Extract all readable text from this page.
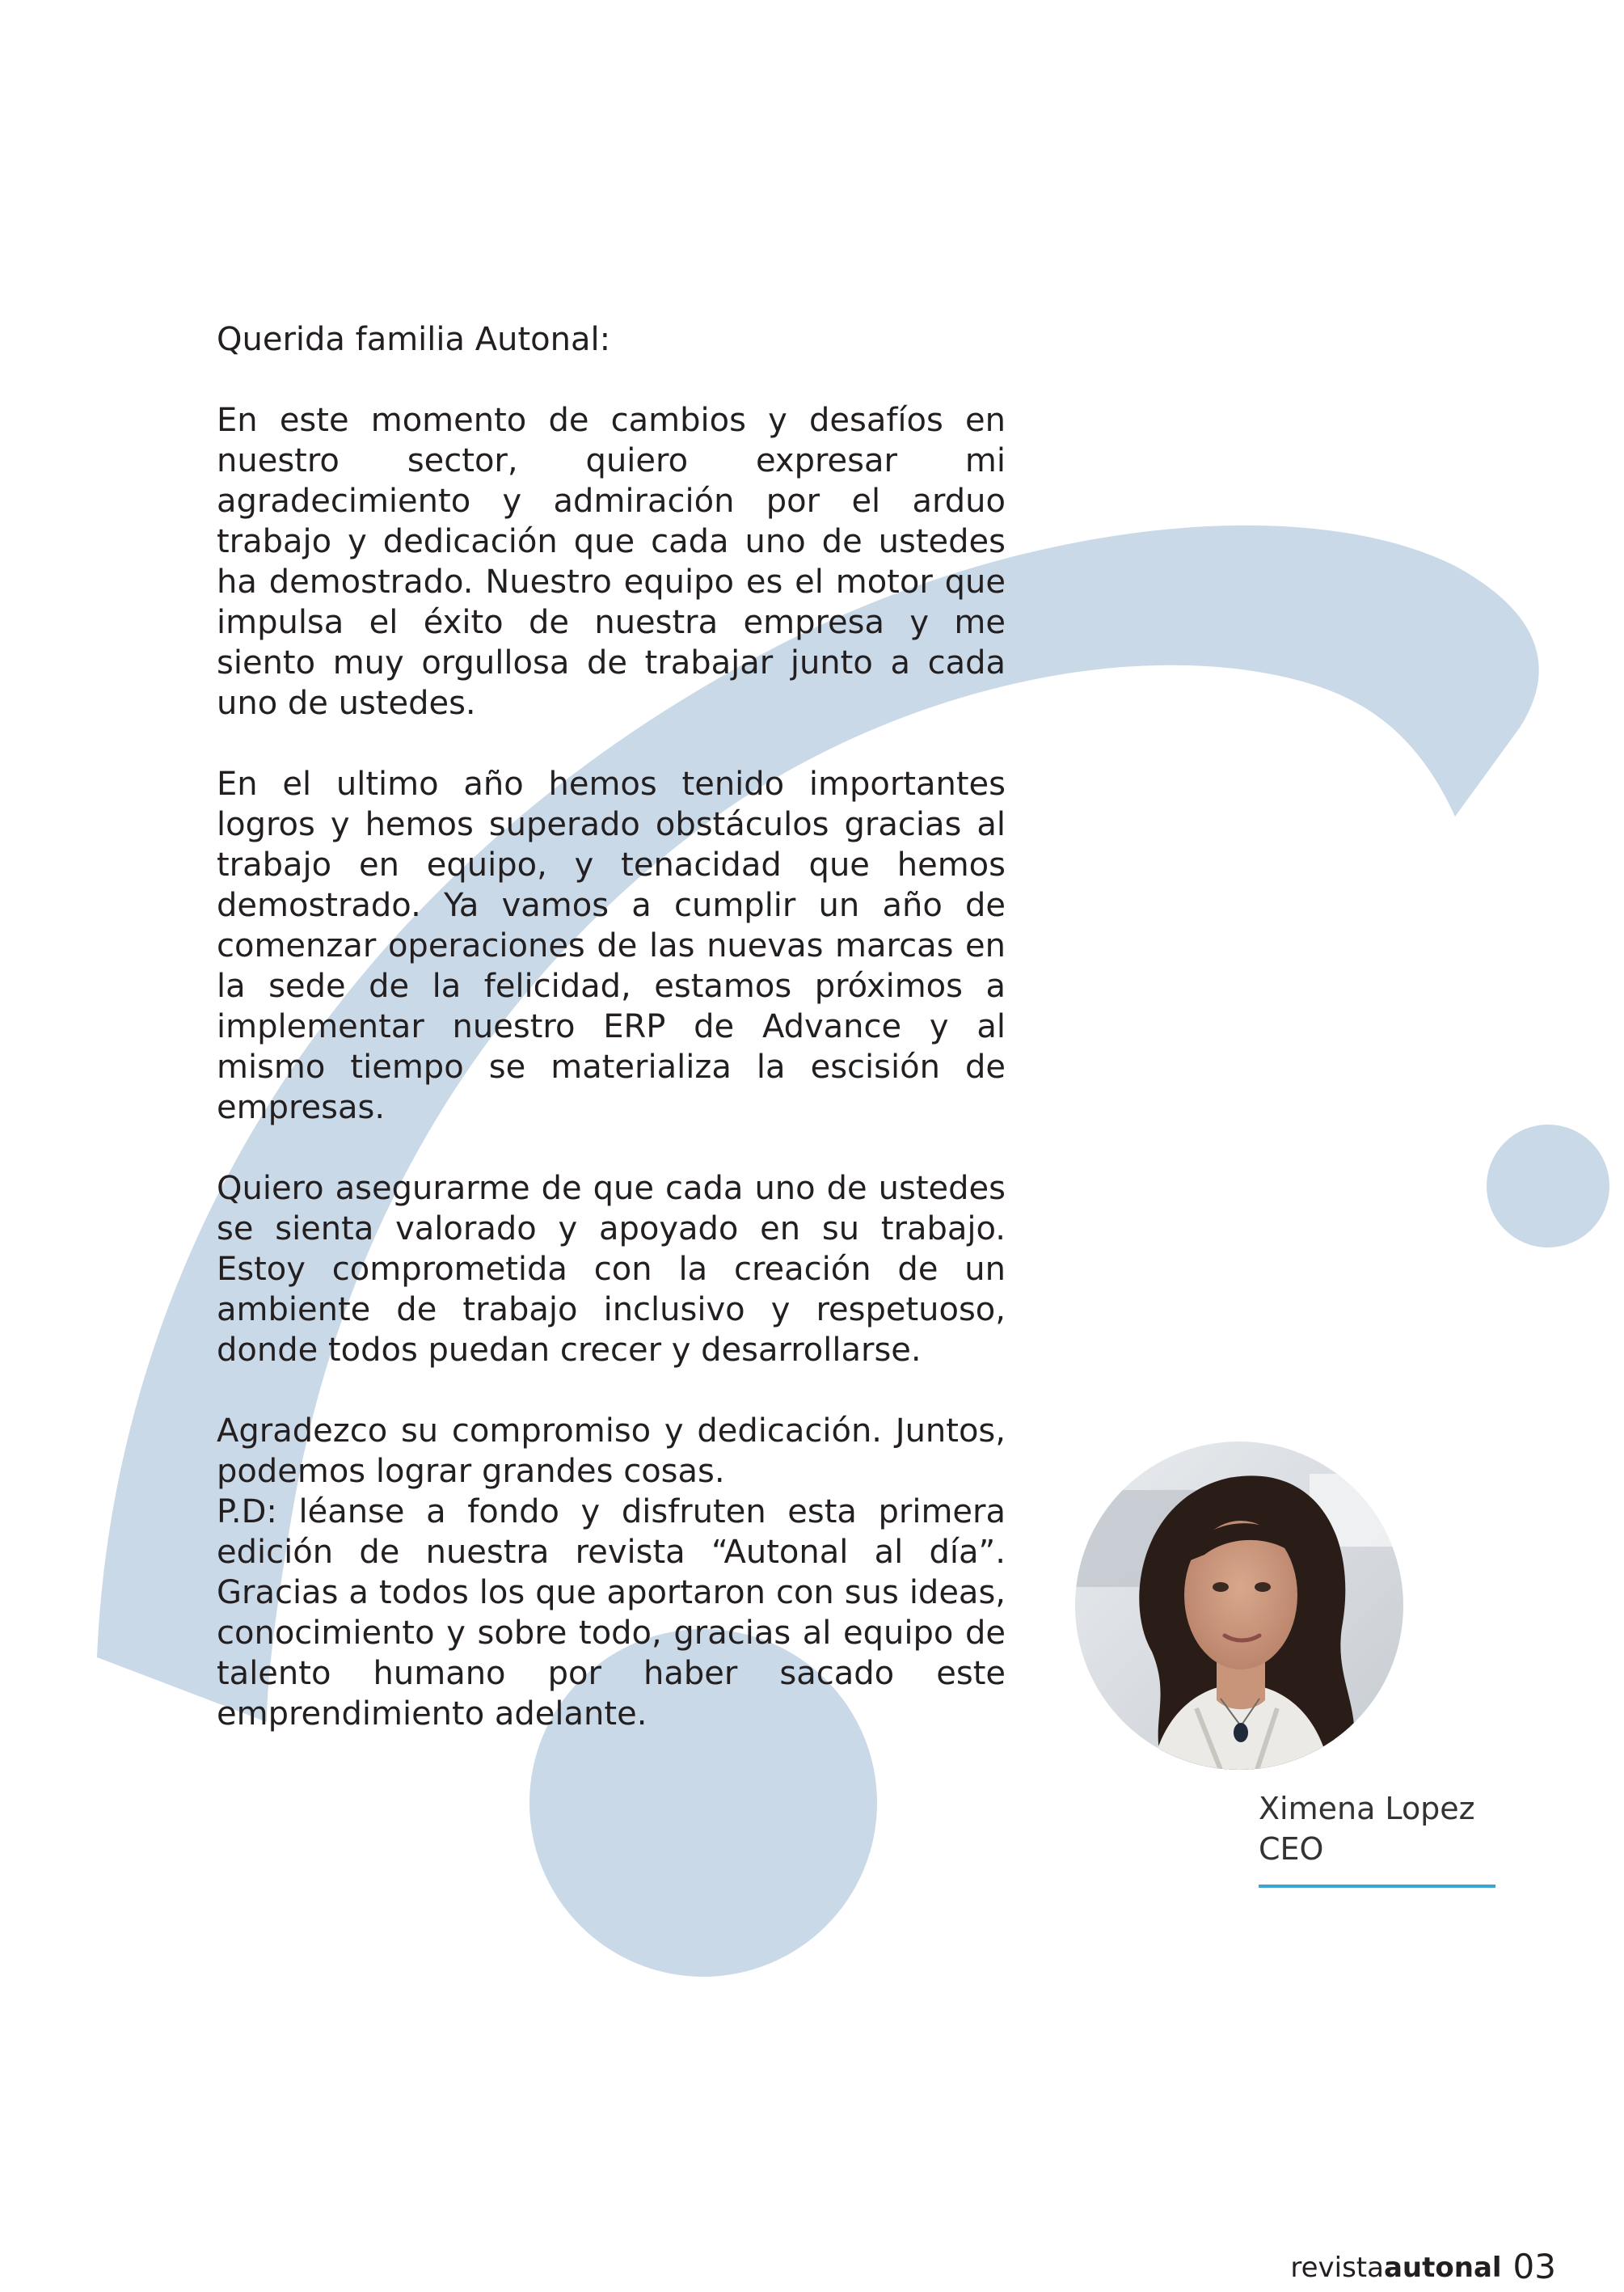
Querida familia Autonal:

En este momento de cambios y desafíos en nuestro sector, quiero expresar mi agradecimiento y admiración por el arduo trabajo y dedicación que cada uno de ustedes ha demostrado. Nuestro equipo es el motor que impulsa el éxito de nuestra empresa y me siento muy orgullosa de trabajar junto a cada uno de ustedes.

En el ultimo año hemos tenido importantes logros y hemos superado obstáculos gracias al trabajo en equipo, y tenacidad que hemos demostrado. Ya vamos a cumplir un año de comenzar operaciones de las nuevas marcas en la sede de la felicidad, estamos próximos a implementar nuestro ERP de Advance y al mismo tiempo se materializa la escisión de empresas.

Quiero asegurarme de que cada uno de ustedes se sienta valorado y apoyado en su trabajo. Estoy comprometida con la creación de un ambiente de trabajo inclusivo y respetuoso, donde todos puedan crecer y desarrollarse.

Agradezco su compromiso y dedicación. Juntos, podemos lograr grandes cosas.

P.D: léanse a fondo y disfruten esta primera edición de nuestra revista “Autonal al día”. Gracias a todos los que aportaron con sus ideas, conocimiento y sobre todo, gracias al equipo de talento humano por haber sacado este emprendimiento adelante.

Ximena Lopez
CEO
revistaautonal 03
